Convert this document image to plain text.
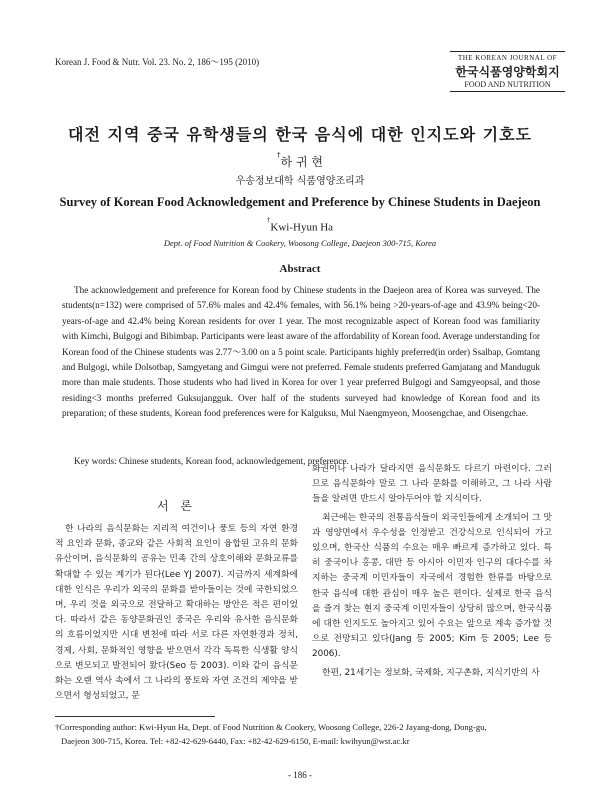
Korean J. Food & Nutr. Vol. 23. No. 2, 186～195 (2010)	THE KOREAN JOURNAL OF
한국식품영양학회지
FOOD AND NUTRITION
대전 지역 중국 유학생들의 한국 음식에 대한 인지도와 기호도
†하 귀 현
우송정보대학 식품영양조리과
Survey of Korean Food Acknowledgement and Preference by Chinese Students in Daejeon
†Kwi-Hyun Ha
Dept. of Food Nutrition & Cookery, Woosong College, Daejeon 300-715, Korea
Abstract
The acknowledgement and preference for Korean food by Chinese students in the Daejeon area of Korea was surveyed. The students(n=132) were comprised of 57.6% males and 42.4% females, with 56.1% being >20-years-of-age and 43.9% being<20-years-of-age and 42.4% being Korean residents for over 1 year. The most recognizable aspect of Korean food was familiarity with Kimchi, Bulgogi and Bibimbap. Participants were least aware of the affordability of Korean food. Average understanding for Korean food of the Chinese students was 2.77～3.00 on a 5 point scale. Participants highly preferred(in order) Ssalbap, Gomtang and Bulgogi, while Dolsotbap, Samgyetang and Gimgui were not preferred. Female students preferred Gamjatang and Manduguk more than male students. Those students who had lived in Korea for over 1 year preferred Bulgogi and Samgyeopsal, and those residing<3 months preferred Guksujangguk. Over half of the students surveyed had knowledge of Korean food and its preparation; of these students, Korean food preferences were for Kalguksu, Mul Naengmyeon, Moosengchae, and Oisengchae.
Key words: Chinese students, Korean food, acknowledgement, preference.
서 론

한 나라의 음식문화는 지리적 여건이나 풍토 등의 자연 환경적 요인과 문화, 종교와 같은 사회적 요인이 융합된 고유의 문화유산이며, 음식문화의 공유는 민족 간의 상호이해와 문화교류를 확대할 수 있는 계기가 된다(Lee YJ 2007). 지금까지 세계화에 대한 인식은 우리가 외국의 문화를 받아들이는 것에 국한되었으며, 우리 것을 외국으로 전달하고 확대하는 방안은 적은 편이었다. 따라서 같은 동양문화권인 중국은 우리와 유사한 음식문화의 흐름이었지만 시대 변천에 따라 서로 다른 자연환경과 정치, 경제, 사회, 문화적인 영향을 받으면서 각각 독특한 식생활 양식으로 변모되고 발전되어 왔다(Seo 등 2003). 이와 같이 음식문화는 오랜 역사 속에서 그 나라의 풍토와 자연 조건의 제약을 받으면서 형성되었고, 문

화권이나 나라가 달라지면 음식문화도 다르기 마련이다. 그러므로 음식문화야 말로 그 나라 문화를 이해하고, 그 나라 사람들을 알려면 반드시 알아두어야 할 지식이다.

최근에는 한국의 전통음식들이 외국인들에게 소개되어 그 맛과 영양면에서 우수성을 인정받고 건강식으로 인식되어 가고 있으며, 한국산 식품의 수요는 매우 빠르게 증가하고 있다. 특히 중국이나 홍콩, 대만 등 아시아 이민자 인구의 대다수를 차지하는 중국계 이민자들이 자국에서 경험한 한류를 바탕으로 한국 음식에 대한 관심이 매우 높은 편이다. 실제로 한국 음식을 즐겨 찾는 현지 중국계 이민자들이 상당히 많으며, 한국식품에 대한 인지도도 높아지고 있어 수요는 앞으로 계속 증가할 것으로 전망되고 있다(Jang 등 2005; Kim 등 2005; Lee 등 2006).

한편, 21세기는 정보화, 국제화, 지구촌화, 지식기반의 사

†Corresponding author: Kwi-Hyun Ha, Dept. of Food Nutrition & Cookery, Woosong College, 226-2 Jayang-dong, Dong-gu,

Daejeon 300-715, Korea. Tel: +82-42-629-6440, Fax: +82-42-629-6150, E-mail: kwihyun@wst.ac.kr

- 186 -
